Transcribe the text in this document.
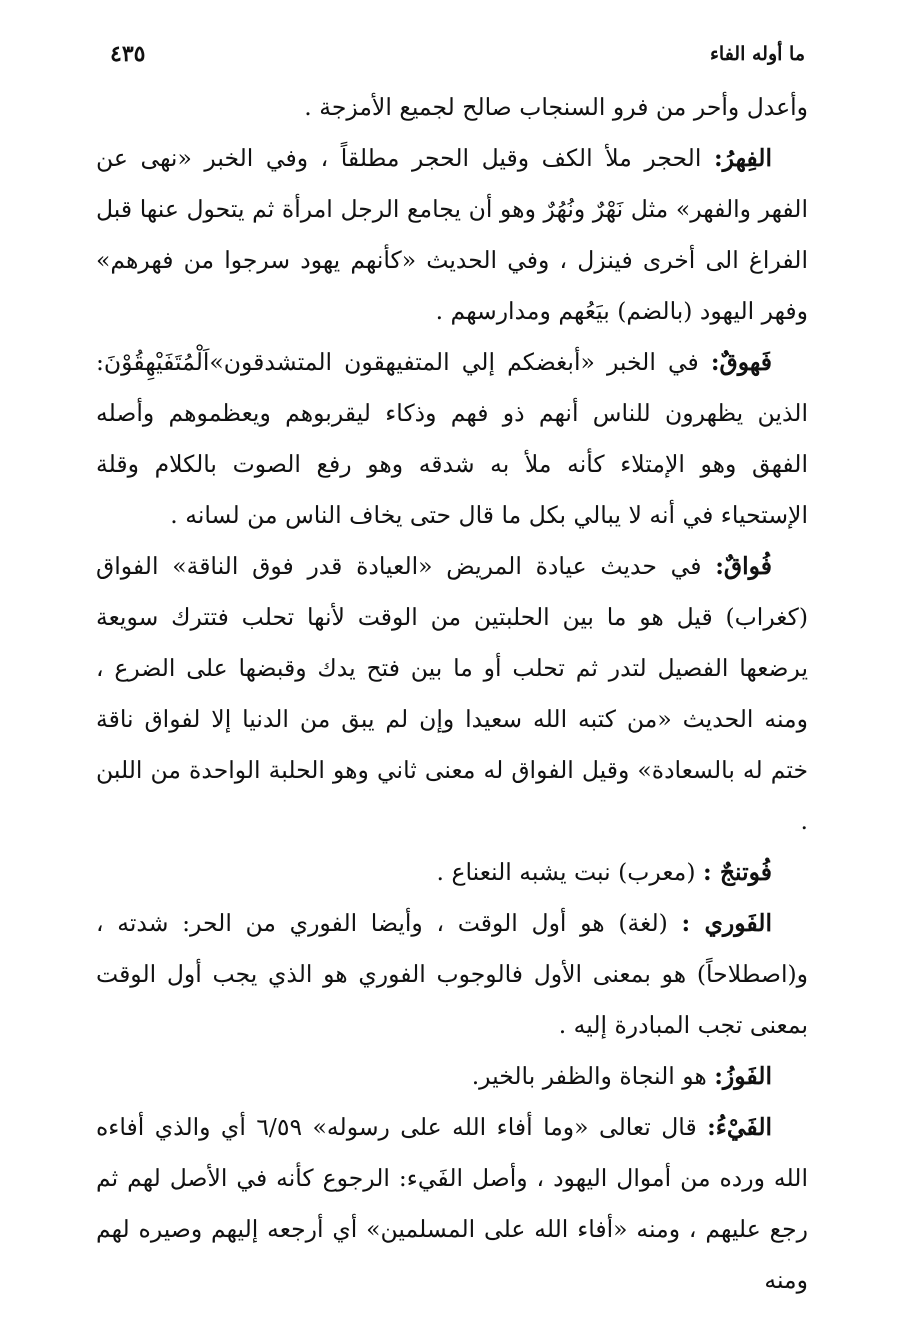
ما أوله الفاء
٤٣٥

وأعدل وأحر من فرو السنجاب صالح لجميع الأمزجة .

الفِهرُ: الحجر ملأ الكف وقيل الحجر مطلقاً ، وفي الخبر «نهى عن الفهر والفهر» مثل نَهْرٌ ونُهُرٌ وهو أن يجامع الرجل امرأة ثم يتحول عنها قبل الفراغ الى أخرى فينزل ، وفي الحديث «كأنهم يهود سرجوا من فهرهم» وفهر اليهود (بالضم) بيَعُهم ومدارسهم .

فَهوقٌ: في الخبر «أبغضكم إلي المتفيهقون المتشدقون»اَلْمُتَفَيْهِقُوْنَ: الذين يظهرون للناس أنهم ذو فهم وذكاء ليقربوهم ويعظموهم وأصله الفهق وهو الإمتلاء كأنه ملأ به شدقه وهو رفع الصوت بالكلام وقلة الإستحياء في أنه لا يبالي بكل ما قال حتى يخاف الناس من لسانه .

فُواقٌ: في حديث عيادة المريض «العيادة قدر فوق الناقة» الفواق (كغراب) قيل هو ما بين الحلبتين من الوقت لأنها تحلب فتترك سويعة يرضعها الفصيل لتدر ثم تحلب أو ما بين فتح يدك وقبضها على الضرع ، ومنه الحديث «من كتبه الله سعيدا وإن لم يبق من الدنيا إلا لفواق ناقة ختم له بالسعادة» وقيل الفواق له معنى ثاني وهو الحلبة الواحدة من اللبن .

فُوتنجٌ : (معرب) نبت يشبه النعناع .

الفَوري : (لغة) هو أول الوقت ، وأيضا الفوري من الحر: شدته ، و(اصطلاحاً) هو بمعنى الأول فالوجوب الفوري هو الذي يجب أول الوقت بمعنى تجب المبادرة إليه .

الفَوزُ: هو النجاة والظفر بالخير.

الفَيْءُ: قال تعالى «وما أفاء الله على رسوله» ٦/٥٩ أي والذي أفاءه الله ورده من أموال اليهود ، وأصل الفَيء: الرجوع كأنه في الأصل لهم ثم رجع عليهم ، ومنه «أفاء الله على المسلمين» أي أرجعه إليهم وصيره لهم ومنه
